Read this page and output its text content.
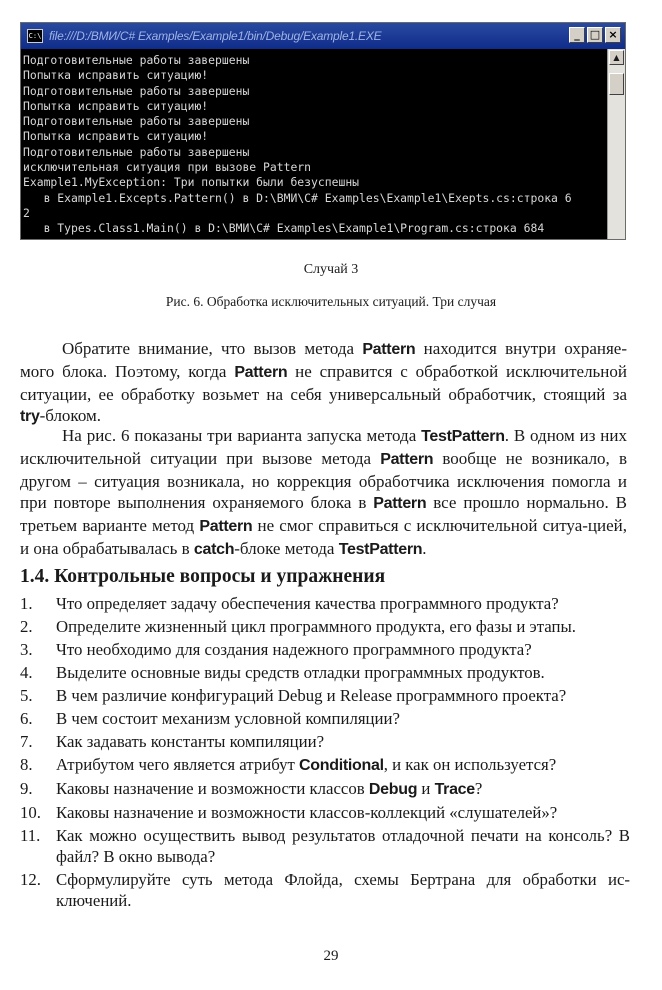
C:\ file:///D:/ВМИ/C# Examples/Example1/bin/Debug/Example1.EXE	_ □ ×
Подготовительные работы завершены
Попытка исправить ситуацию!
Подготовительные работы завершены
Попытка исправить ситуацию!
Подготовительные работы завершены
Попытка исправить ситуацию!
Подготовительные работы завершены
исключительная ситуация при вызове Pattern
Example1.MyException: Три попытки были безуспешны
в Example1.Excepts.Pattern() в D:\ВМИ\C# Examples\Example1\Exepts.cs:строка 6
2
в Types.Class1.Main() в D:\ВМИ\C# Examples\Example1\Program.cs:строка 684
▲
Случай 3
Рис. 6. Обработка исключительных ситуаций. Три случая
Обратите внимание, что вызов метода Pattern находится внутри охраняе-мого блока. Поэтому, когда Pattern не справится с обработкой исключительной ситуации, ее обработку возьмет на себя универсальный обработчик, стоящий за try-блоком.
На рис. 6 показаны три варианта запуска метода TestPattern. В одном из них исключительной ситуации при вызове метода Pattern вообще не возникало, в другом – ситуация возникала, но коррекция обработчика исключения помогла и при повторе выполнения охраняемого блока в Pattern все прошло нормально. В третьем варианте метод Pattern не смог справиться с исключительной ситуа-цией, и она обрабатывалась в catch-блоке метода TestPattern.
1.4. Контрольные вопросы и упражнения
1.	Что определяет задачу обеспечения качества программного продукта?
2.	Определите жизненный цикл программного продукта, его фазы и этапы.
3.	Что необходимо для создания надежного программного продукта?
4.	Выделите основные виды средств отладки программных продуктов.
5.	В чем различие конфигураций Debug и Release программного проекта?
6.	В чем состоит механизм условной компиляции?
7.	Как задавать константы компиляции?
8.	Атрибутом чего является атрибут Conditional, и как он используется?
9.	Каковы назначение и возможности классов Debug и Trace?
10. Каковы назначение и возможности классов-коллекций «слушателей»?
11. Как можно осуществить вывод результатов отладочной печати на консоль? В файл? В окно вывода?
12. Сформулируйте суть метода Флойда, схемы Бертрана для обработки ис-ключений.
29
